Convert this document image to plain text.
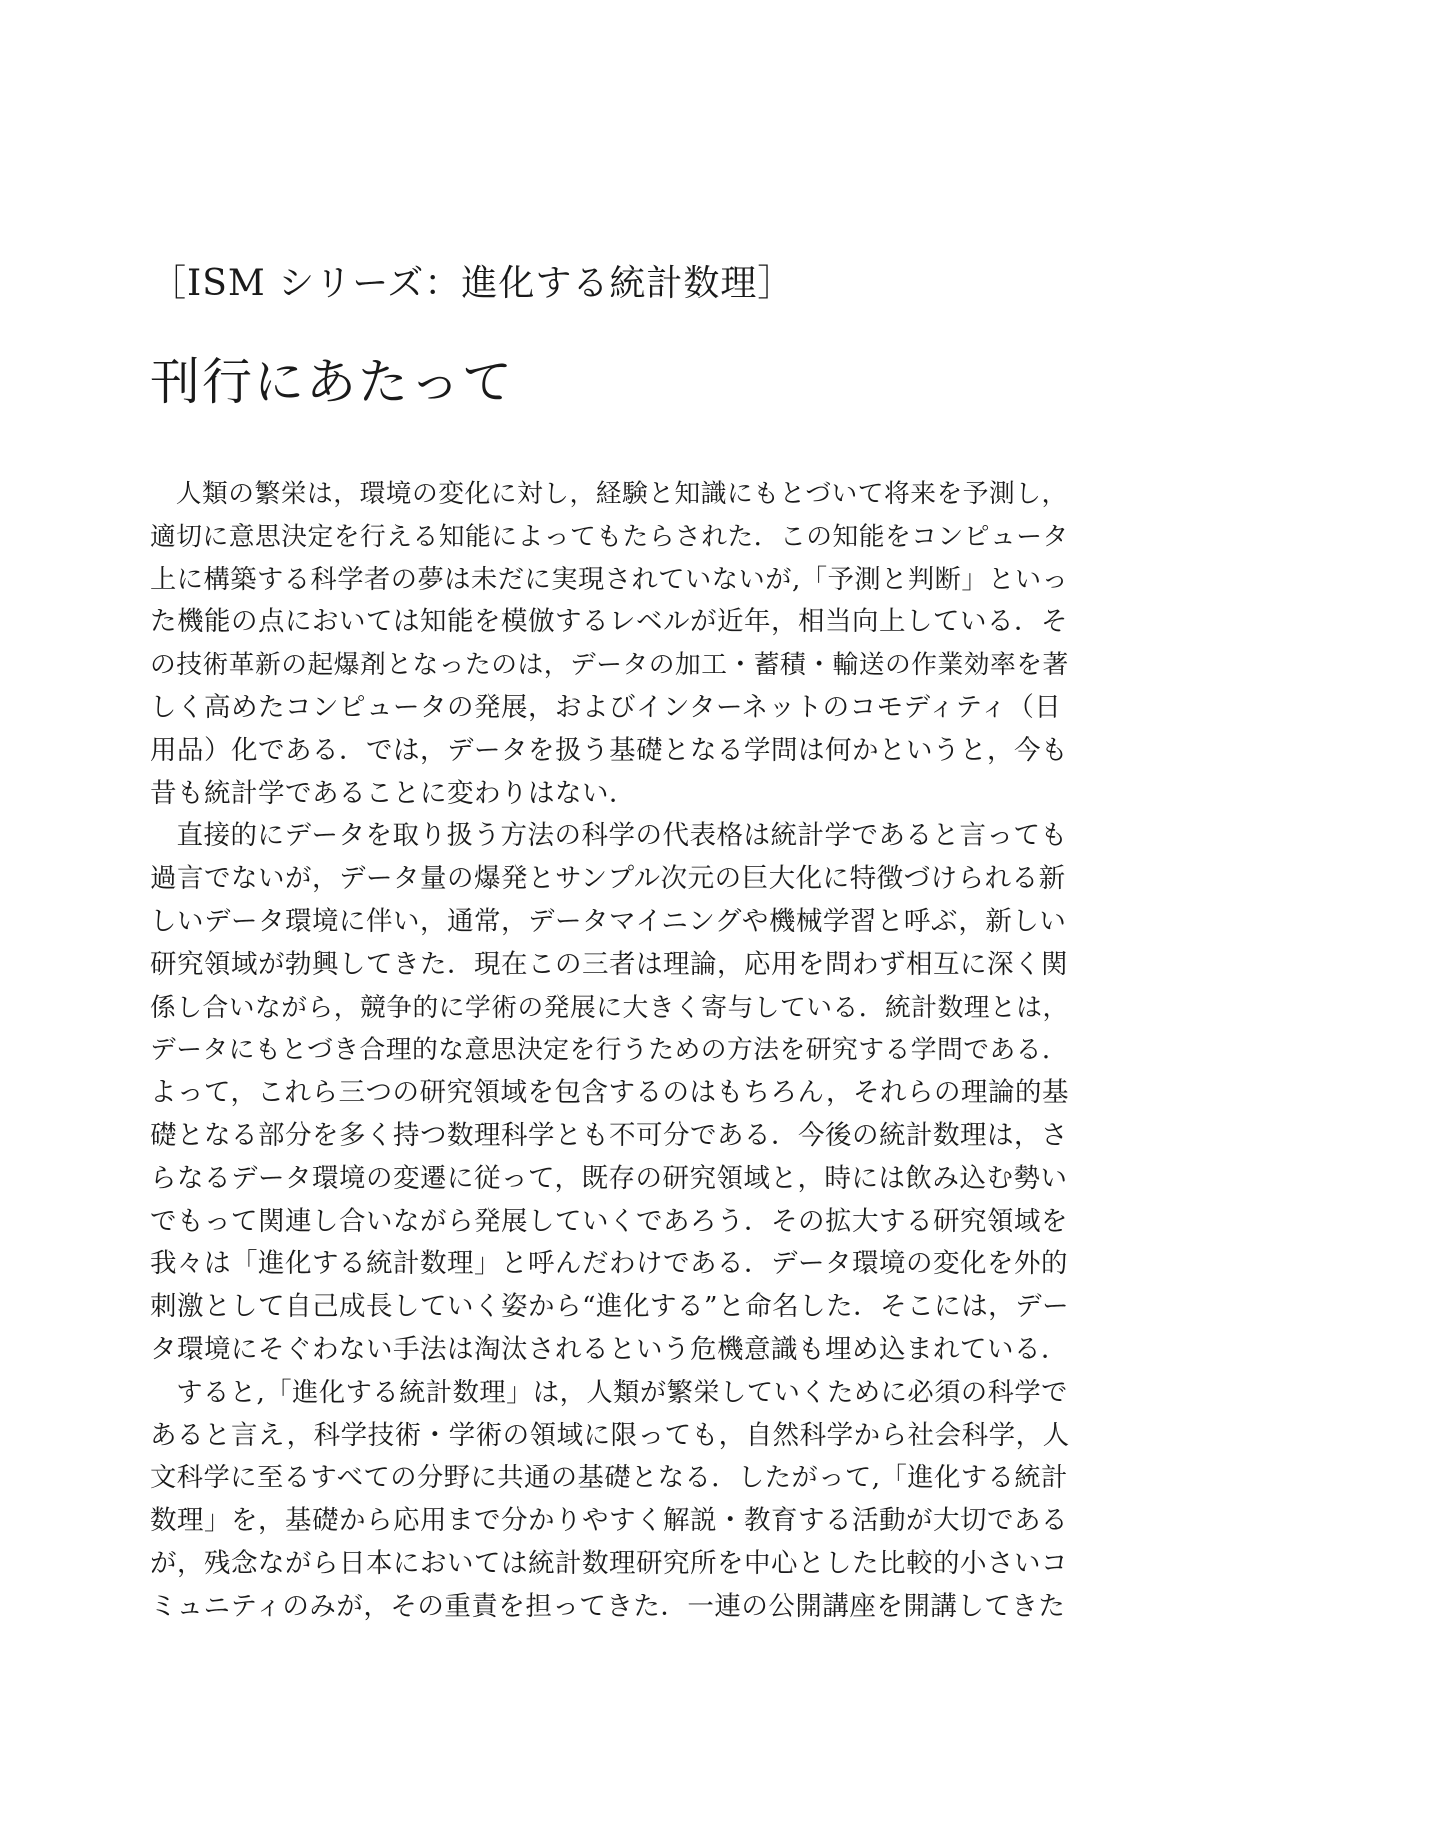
［ISM シリーズ：進化する統計数理］
刊行にあたって
人類の繁栄は，環境の変化に対し，経験と知識にもとづいて将来を予測し，
適切に意思決定を行える知能によってもたらされた．この知能をコンピュータ
上に構築する科学者の夢は未だに実現されていないが,「予測と判断」といっ
た機能の点においては知能を模倣するレベルが近年，相当向上している．そ
の技術革新の起爆剤となったのは，データの加工・蓄積・輸送の作業効率を著
しく高めたコンピュータの発展，およびインターネットのコモディティ（日
用品）化である．では，データを扱う基礎となる学問は何かというと，今も
昔も統計学であることに変わりはない．
直接的にデータを取り扱う方法の科学の代表格は統計学であると言っても
過言でないが，データ量の爆発とサンプル次元の巨大化に特徴づけられる新
しいデータ環境に伴い，通常，データマイニングや機械学習と呼ぶ，新しい
研究領域が勃興してきた．現在この三者は理論，応用を問わず相互に深く関
係し合いながら，競争的に学術の発展に大きく寄与している．統計数理とは，
データにもとづき合理的な意思決定を行うための方法を研究する学問である．
よって，これら三つの研究領域を包含するのはもちろん，それらの理論的基
礎となる部分を多く持つ数理科学とも不可分である．今後の統計数理は，さ
らなるデータ環境の変遷に従って，既存の研究領域と，時には飲み込む勢い
でもって関連し合いながら発展していくであろう．その拡大する研究領域を
我々は「進化する統計数理」と呼んだわけである．データ環境の変化を外的
刺激として自己成長していく姿から“進化する”と命名した．そこには，デー
タ環境にそぐわない手法は淘汰されるという危機意識も埋め込まれている．
すると,「進化する統計数理」は，人類が繁栄していくために必須の科学で
あると言え，科学技術・学術の領域に限っても，自然科学から社会科学，人
文科学に至るすべての分野に共通の基礎となる．したがって,「進化する統計
数理」を，基礎から応用まで分かりやすく解説・教育する活動が大切である
が，残念ながら日本においては統計数理研究所を中心とした比較的小さいコ
ミュニティのみが，その重責を担ってきた．一連の公開講座を開講してきた
